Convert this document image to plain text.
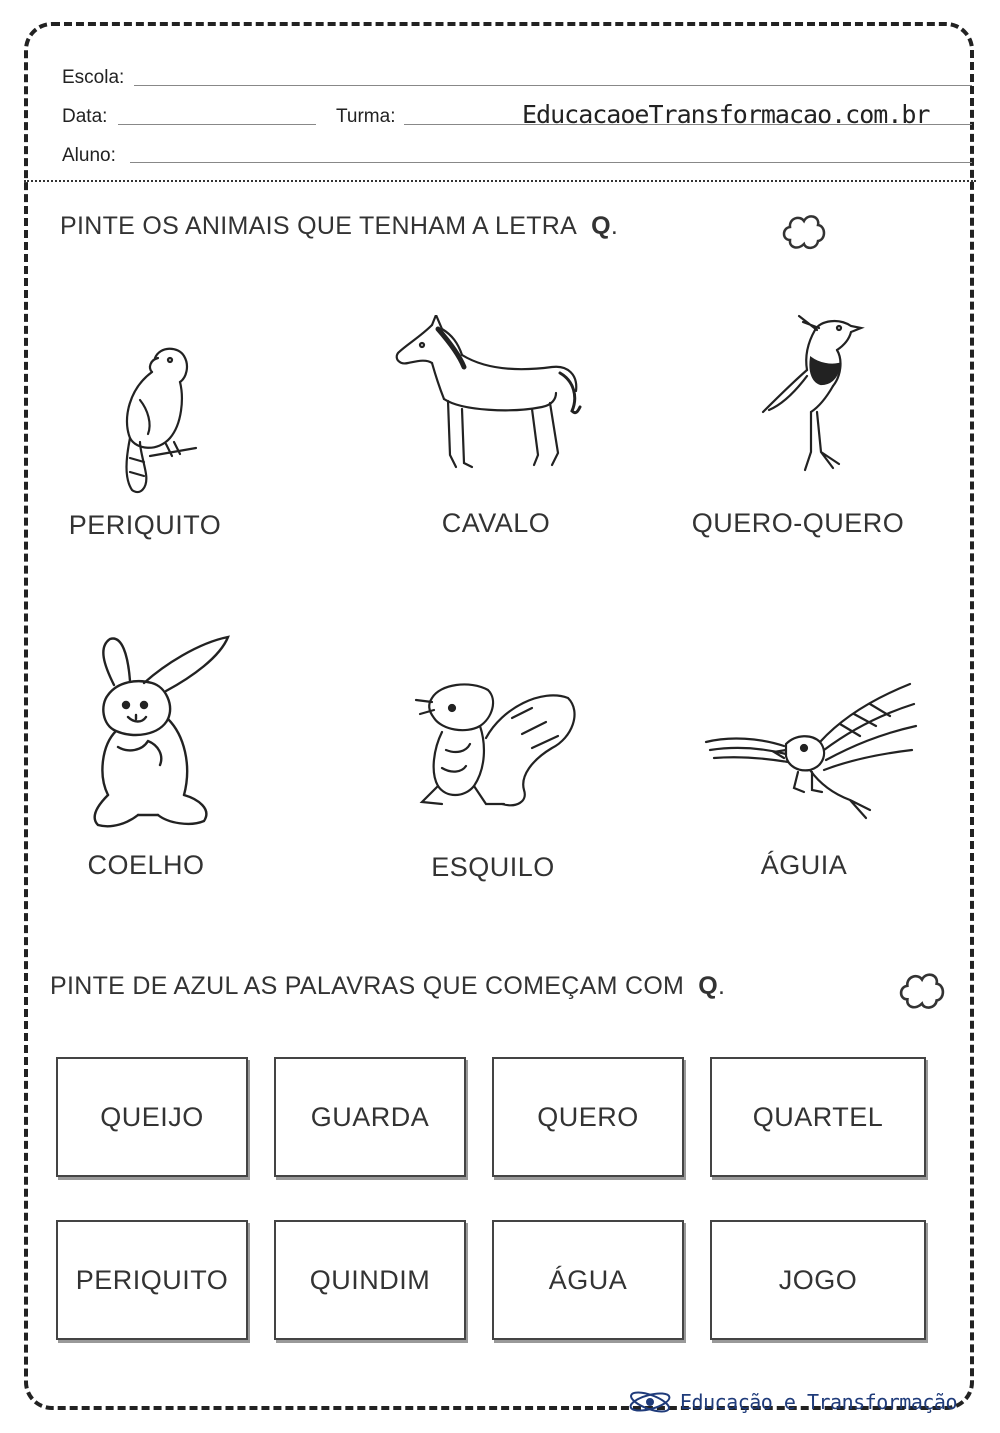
Escola:
Data:	Turma:	EducacaoeTransformacao.com.br
Aluno:
PINTE OS ANIMAIS QUE TENHAM A LETRA Q.
PERIQUITO	CAVALO	QUERO-QUERO
COELHO	ESQUILO	ÁGUIA
PINTE DE AZUL AS PALAVRAS QUE COMEÇAM COM Q.
QUEIJO	GUARDA	QUERO	QUARTEL
PERIQUITO	QUINDIM	ÁGUA	JOGO
Educação e Transformação
